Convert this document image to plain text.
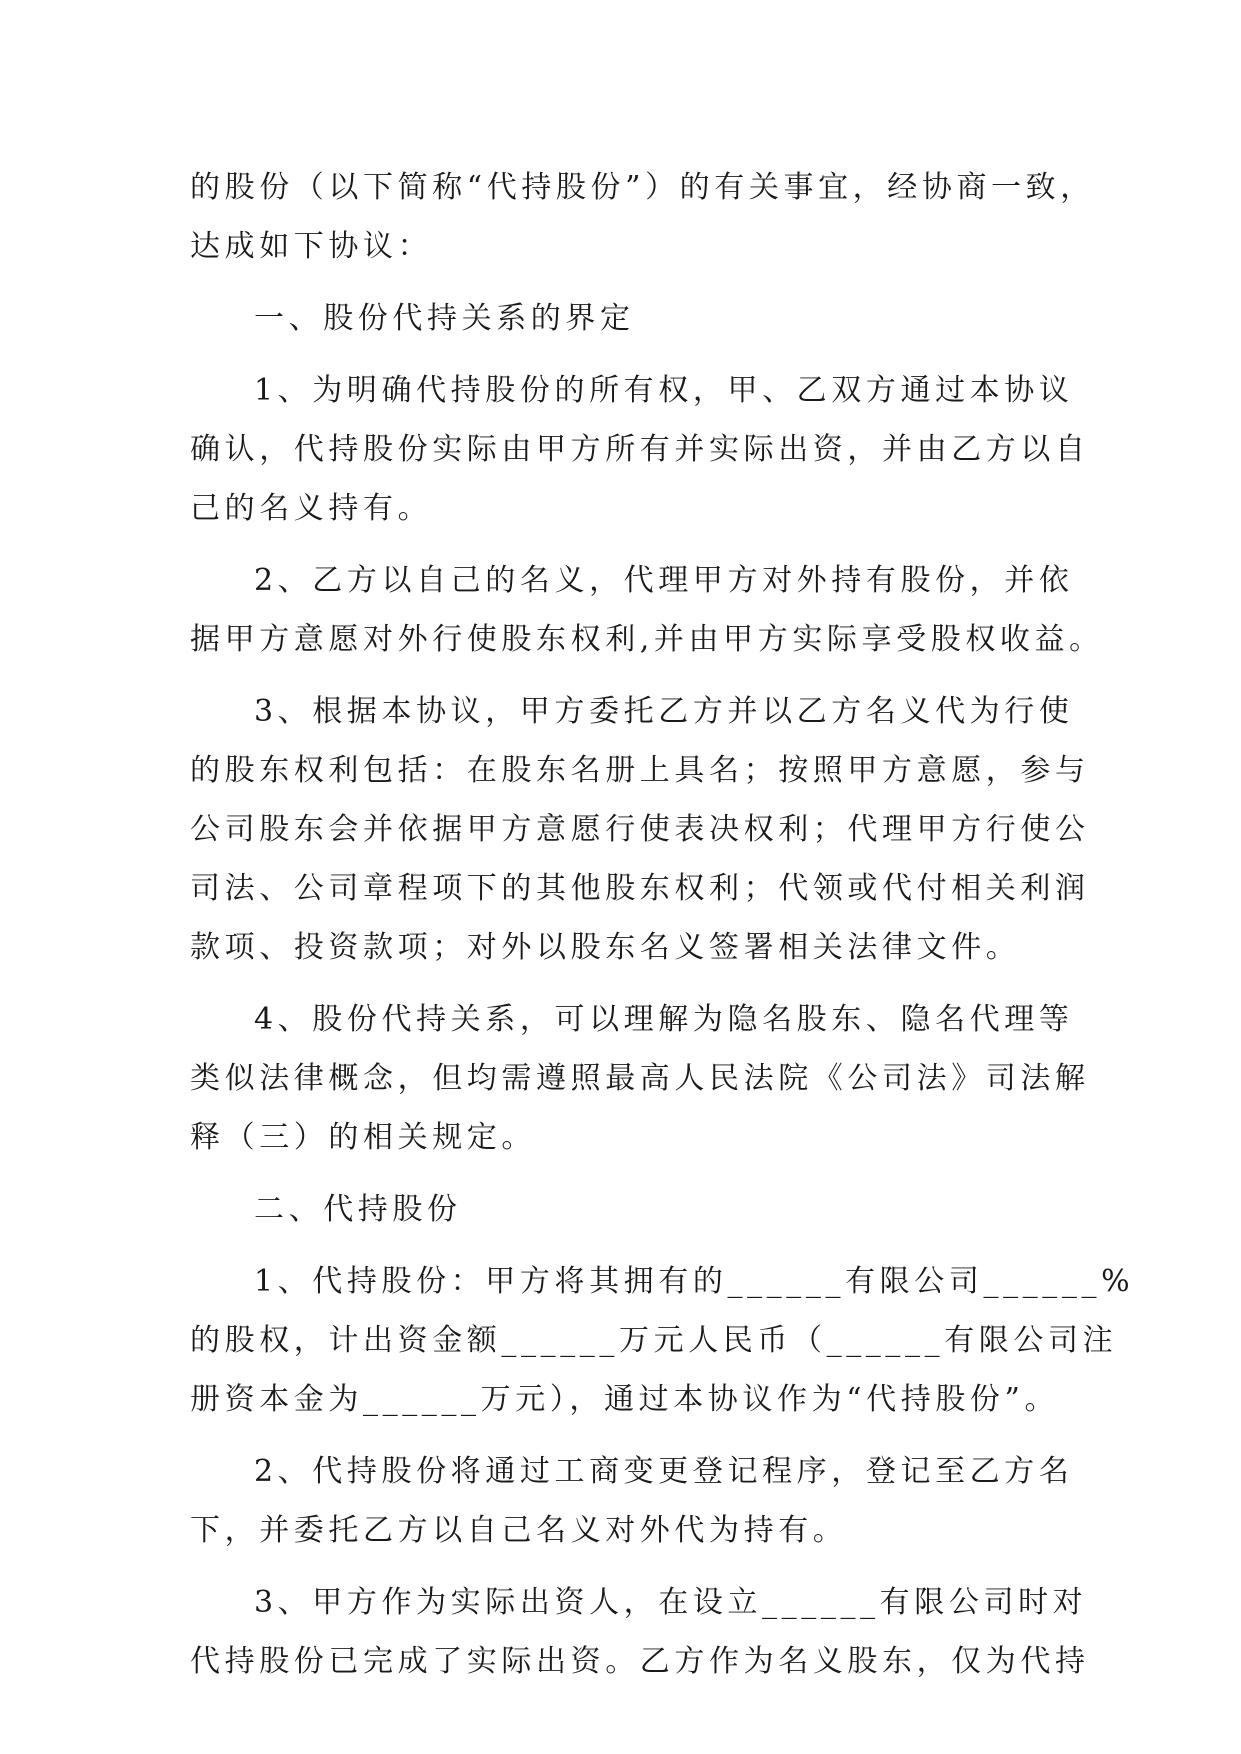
的股份（以下简称“代持股份”）的有关事宜，经协商一致，
达成如下协议：
一、股份代持关系的界定
1、为明确代持股份的所有权，甲、乙双方通过本协议
确认，代持股份实际由甲方所有并实际出资，并由乙方以自
己的名义持有。
2、乙方以自己的名义，代理甲方对外持有股份，并依
据甲方意愿对外行使股东权利,并由甲方实际享受股权收益。
3、根据本协议，甲方委托乙方并以乙方名义代为行使
的股东权利包括：在股东名册上具名；按照甲方意愿，参与
公司股东会并依据甲方意愿行使表决权利；代理甲方行使公
司法、公司章程项下的其他股东权利；代领或代付相关利润
款项、投资款项；对外以股东名义签署相关法律文件。
4、股份代持关系，可以理解为隐名股东、隐名代理等
类似法律概念，但均需遵照最高人民法院《公司法》司法解
释（三）的相关规定。
二、代持股份
1、代持股份：甲方将其拥有的______有限公司______%
的股权，计出资金额______万元人民币（______有限公司注
册资本金为______万元），通过本协议作为“代持股份”。
2、代持股份将通过工商变更登记程序，登记至乙方名
下，并委托乙方以自己名义对外代为持有。
3、甲方作为实际出资人，在设立______有限公司时对
代持股份已完成了实际出资。乙方作为名义股东，仅为代持
